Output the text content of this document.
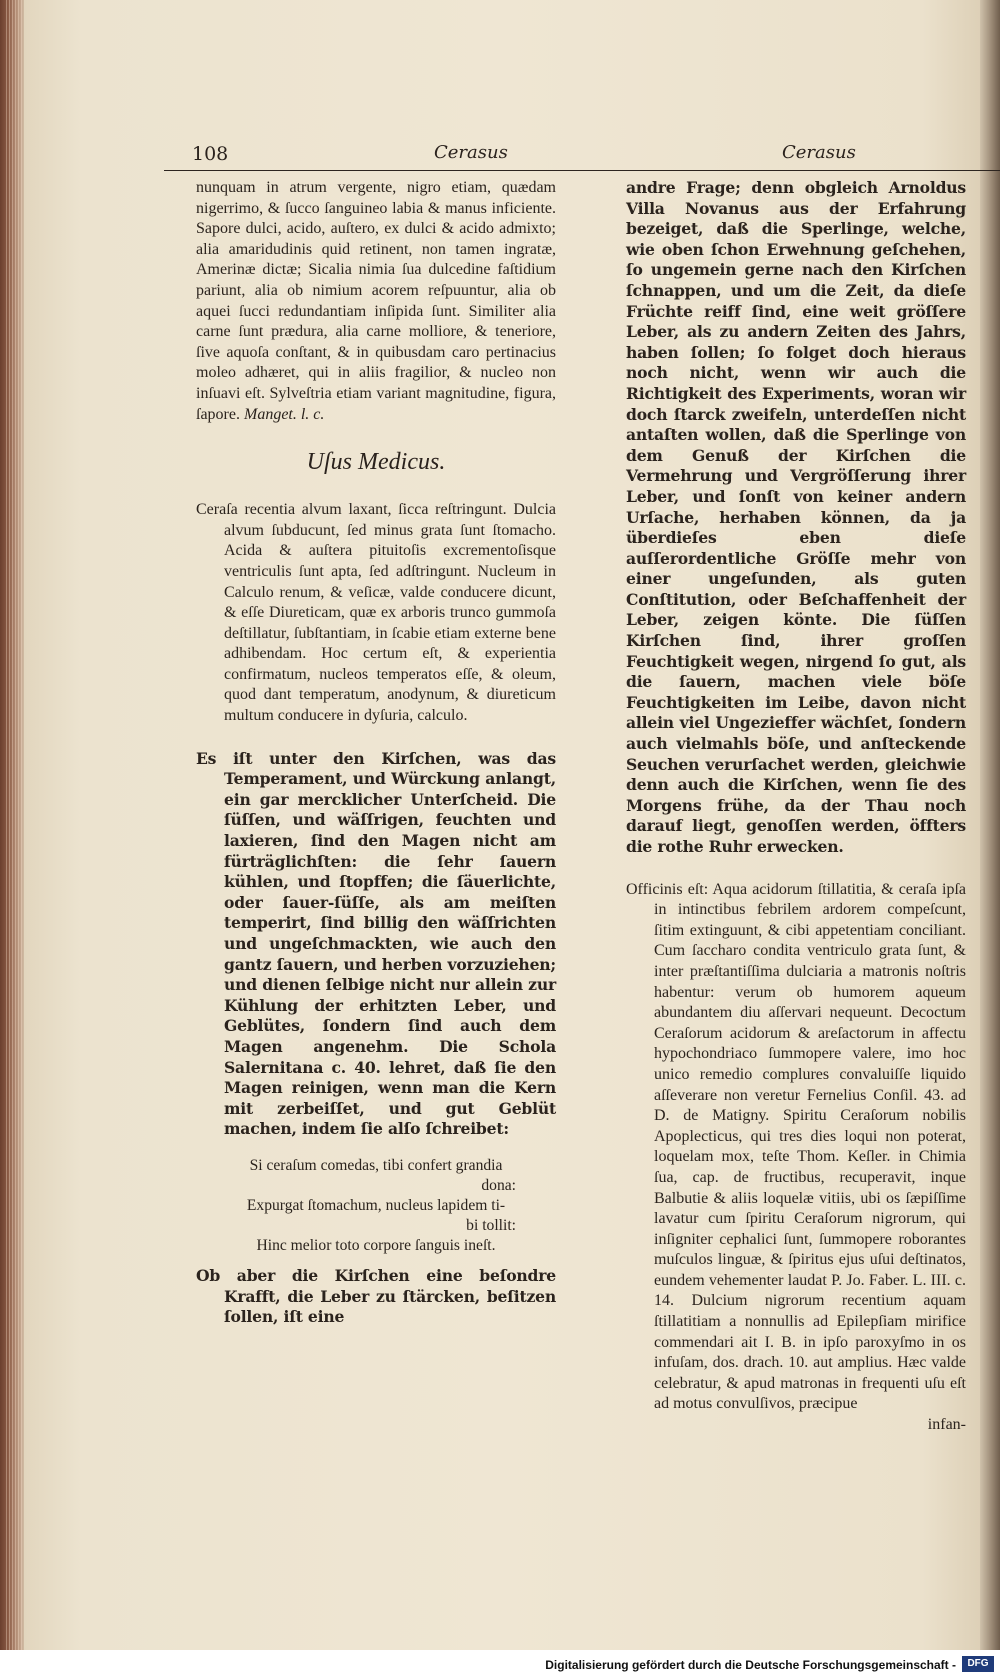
108	Cerasus	Cerasus

nunquam in atrum vergente, nigro etiam, quædam nigerrimo, & ſucco ſanguineo labia & manus inficiente. Sapore dulci, acido, auſtero, ex dulci & acido admixto; alia amaridudinis quid retinent, non tamen ingratæ, Amerinæ dictæ; Sicalia nimia ſua dulcedine faſtidium pariunt, alia ob nimium acorem reſpuuntur, alia ob aquei ſucci redundantiam inſipida ſunt. Similiter alia carne ſunt prædura, alia carne molliore, & teneriore, ſive aquoſa conſtant, & in quibusdam caro pertinacius moleo adhæret, qui in aliis fragilior, & nucleo non inſuavi eſt. Sylveſtria etiam variant magnitudine, figura, ſapore. Manget. l. c.

Uſus Medicus.

Ceraſa recentia alvum laxant, ſicca reſtringunt. Dulcia alvum ſubducunt, ſed minus grata ſunt ſtomacho. Acida & auſtera pituitoſis excrementoſisque ventriculis ſunt apta, ſed adſtringunt. Nucleum in Calculo renum, & veſicæ, valde conducere dicunt, & eſſe Diureticam, quæ ex arboris trunco gummoſa deſtillatur, ſubſtantiam, in ſcabie etiam externe bene adhibendam. Hoc certum eſt, & experientia confirmatum, nucleos temperatos eſſe, & oleum, quod dant temperatum, anodynum, & diureticum multum conducere in dyſuria, calculo.

Es iſt unter den Kirſchen, was das Temperament, und Würckung anlangt, ein gar mercklicher Unterſcheid. Die ſüſſen, und wäſſrigen, feuchten und laxieren, ſind den Magen nicht am fürträglichſten: die ſehr ſauern kühlen, und ſtopffen; die ſäuerlichte, oder ſauer-ſüſſe, als am meiſten temperirt, ſind billig den wäſſrichten und ungeſchmackten, wie auch den gantz ſauern, und herben vorzuziehen; und dienen ſelbige nicht nur allein zur Kühlung der erhitzten Leber, und Geblütes, ſondern ſind auch dem Magen angenehm. Die Schola Salernitana c. 40. lehret, daß ſie den Magen reinigen, wenn man die Kern mit zerbeiſſet, und gut Geblüt machen, indem ſie alſo ſchreibet:

Si ceraſum comedas, tibi confert grandia
dona:
Expurgat ſtomachum, nucleus lapidem ti-
bi tollit:
Hinc melior toto corpore ſanguis ineſt.

Ob aber die Kirſchen eine beſondre Krafft, die Leber zu ſtärcken, beſitzen ſollen, iſt eine

andre Frage; denn obgleich Arnoldus Villa Novanus aus der Erfahrung bezeiget, daß die Sperlinge, welche, wie oben ſchon Erwehnung geſchehen, ſo ungemein gerne nach den Kirſchen ſchnappen, und um die Zeit, da dieſe Früchte reiff ſind, eine weit gröſſere Leber, als zu andern Zeiten des Jahrs, haben ſollen; ſo folget doch hieraus noch nicht, wenn wir auch die Richtigkeit des Experiments, woran wir doch ſtarck zweifeln, unterdeſſen nicht antaſten wollen, daß die Sperlinge von dem Genuß der Kirſchen die Vermehrung und Vergröſſerung ihrer Leber, und ſonſt von keiner andern Urſache, herhaben können, da ja überdieſes eben dieſe auſſerordentliche Gröſſe mehr von einer ungeſunden, als guten Conſtitution, oder Beſchaffenheit der Leber, zeigen könte. Die ſüſſen Kirſchen ſind, ihrer groſſen Feuchtigkeit wegen, nirgend ſo gut, als die ſauern, machen viele böſe Feuchtigkeiten im Leibe, davon nicht allein viel Ungezieffer wächſet, ſondern auch vielmahls böſe, und anſteckende Seuchen verurſachet werden, gleichwie denn auch die Kirſchen, wenn ſie des Morgens frühe, da der Thau noch darauf liegt, genoſſen werden, öffters die rothe Ruhr erwecken.

Officinis eſt: Aqua acidorum ſtillatitia, & ceraſa ipſa in intinctibus febrilem ardorem compeſcunt, ſitim extinguunt, & cibi appetentiam conciliant. Cum ſaccharo condita ventriculo grata ſunt, & inter præſtantiſſima dulciaria a matronis noſtris habentur: verum ob humorem aqueum abundantem diu aſſervari nequeunt. Decoctum Ceraſorum acidorum & areſactorum in affectu hypochondriaco ſummopere valere, imo hoc unico remedio complures convaluiſſe liquido aſſeverare non veretur Fernelius Conſil. 43. ad D. de Matigny. Spiritu Ceraſorum nobilis Apoplecticus, qui tres dies loqui non poterat, loquelam mox, teſte Thom. Keſler. in Chimia ſua, cap. de fructibus, recuperavit, inque Balbutie & aliis loquelæ vitiis, ubi os ſæpiſſime lavatur cum ſpiritu Ceraſorum nigrorum, qui inſigniter cephalici ſunt, ſummopere roborantes muſculos linguæ, & ſpiritus ejus uſui deſtinatos, eundem vehementer laudat P. Jo. Faber. L. III. c. 14. Dulcium nigrorum recentium aquam ſtillatitiam a nonnullis ad Epilepſiam mirifice commendari ait I. B. in ipſo paroxyſmo in os infuſam, dos. drach. 10. aut amplius. Hæc valde celebratur, & apud matronas in frequenti uſu eſt ad motus convulſivos, præcipue

infan-
Digitalisierung gefördert durch die Deutsche Forschungsgemeinschaft -	DFG
